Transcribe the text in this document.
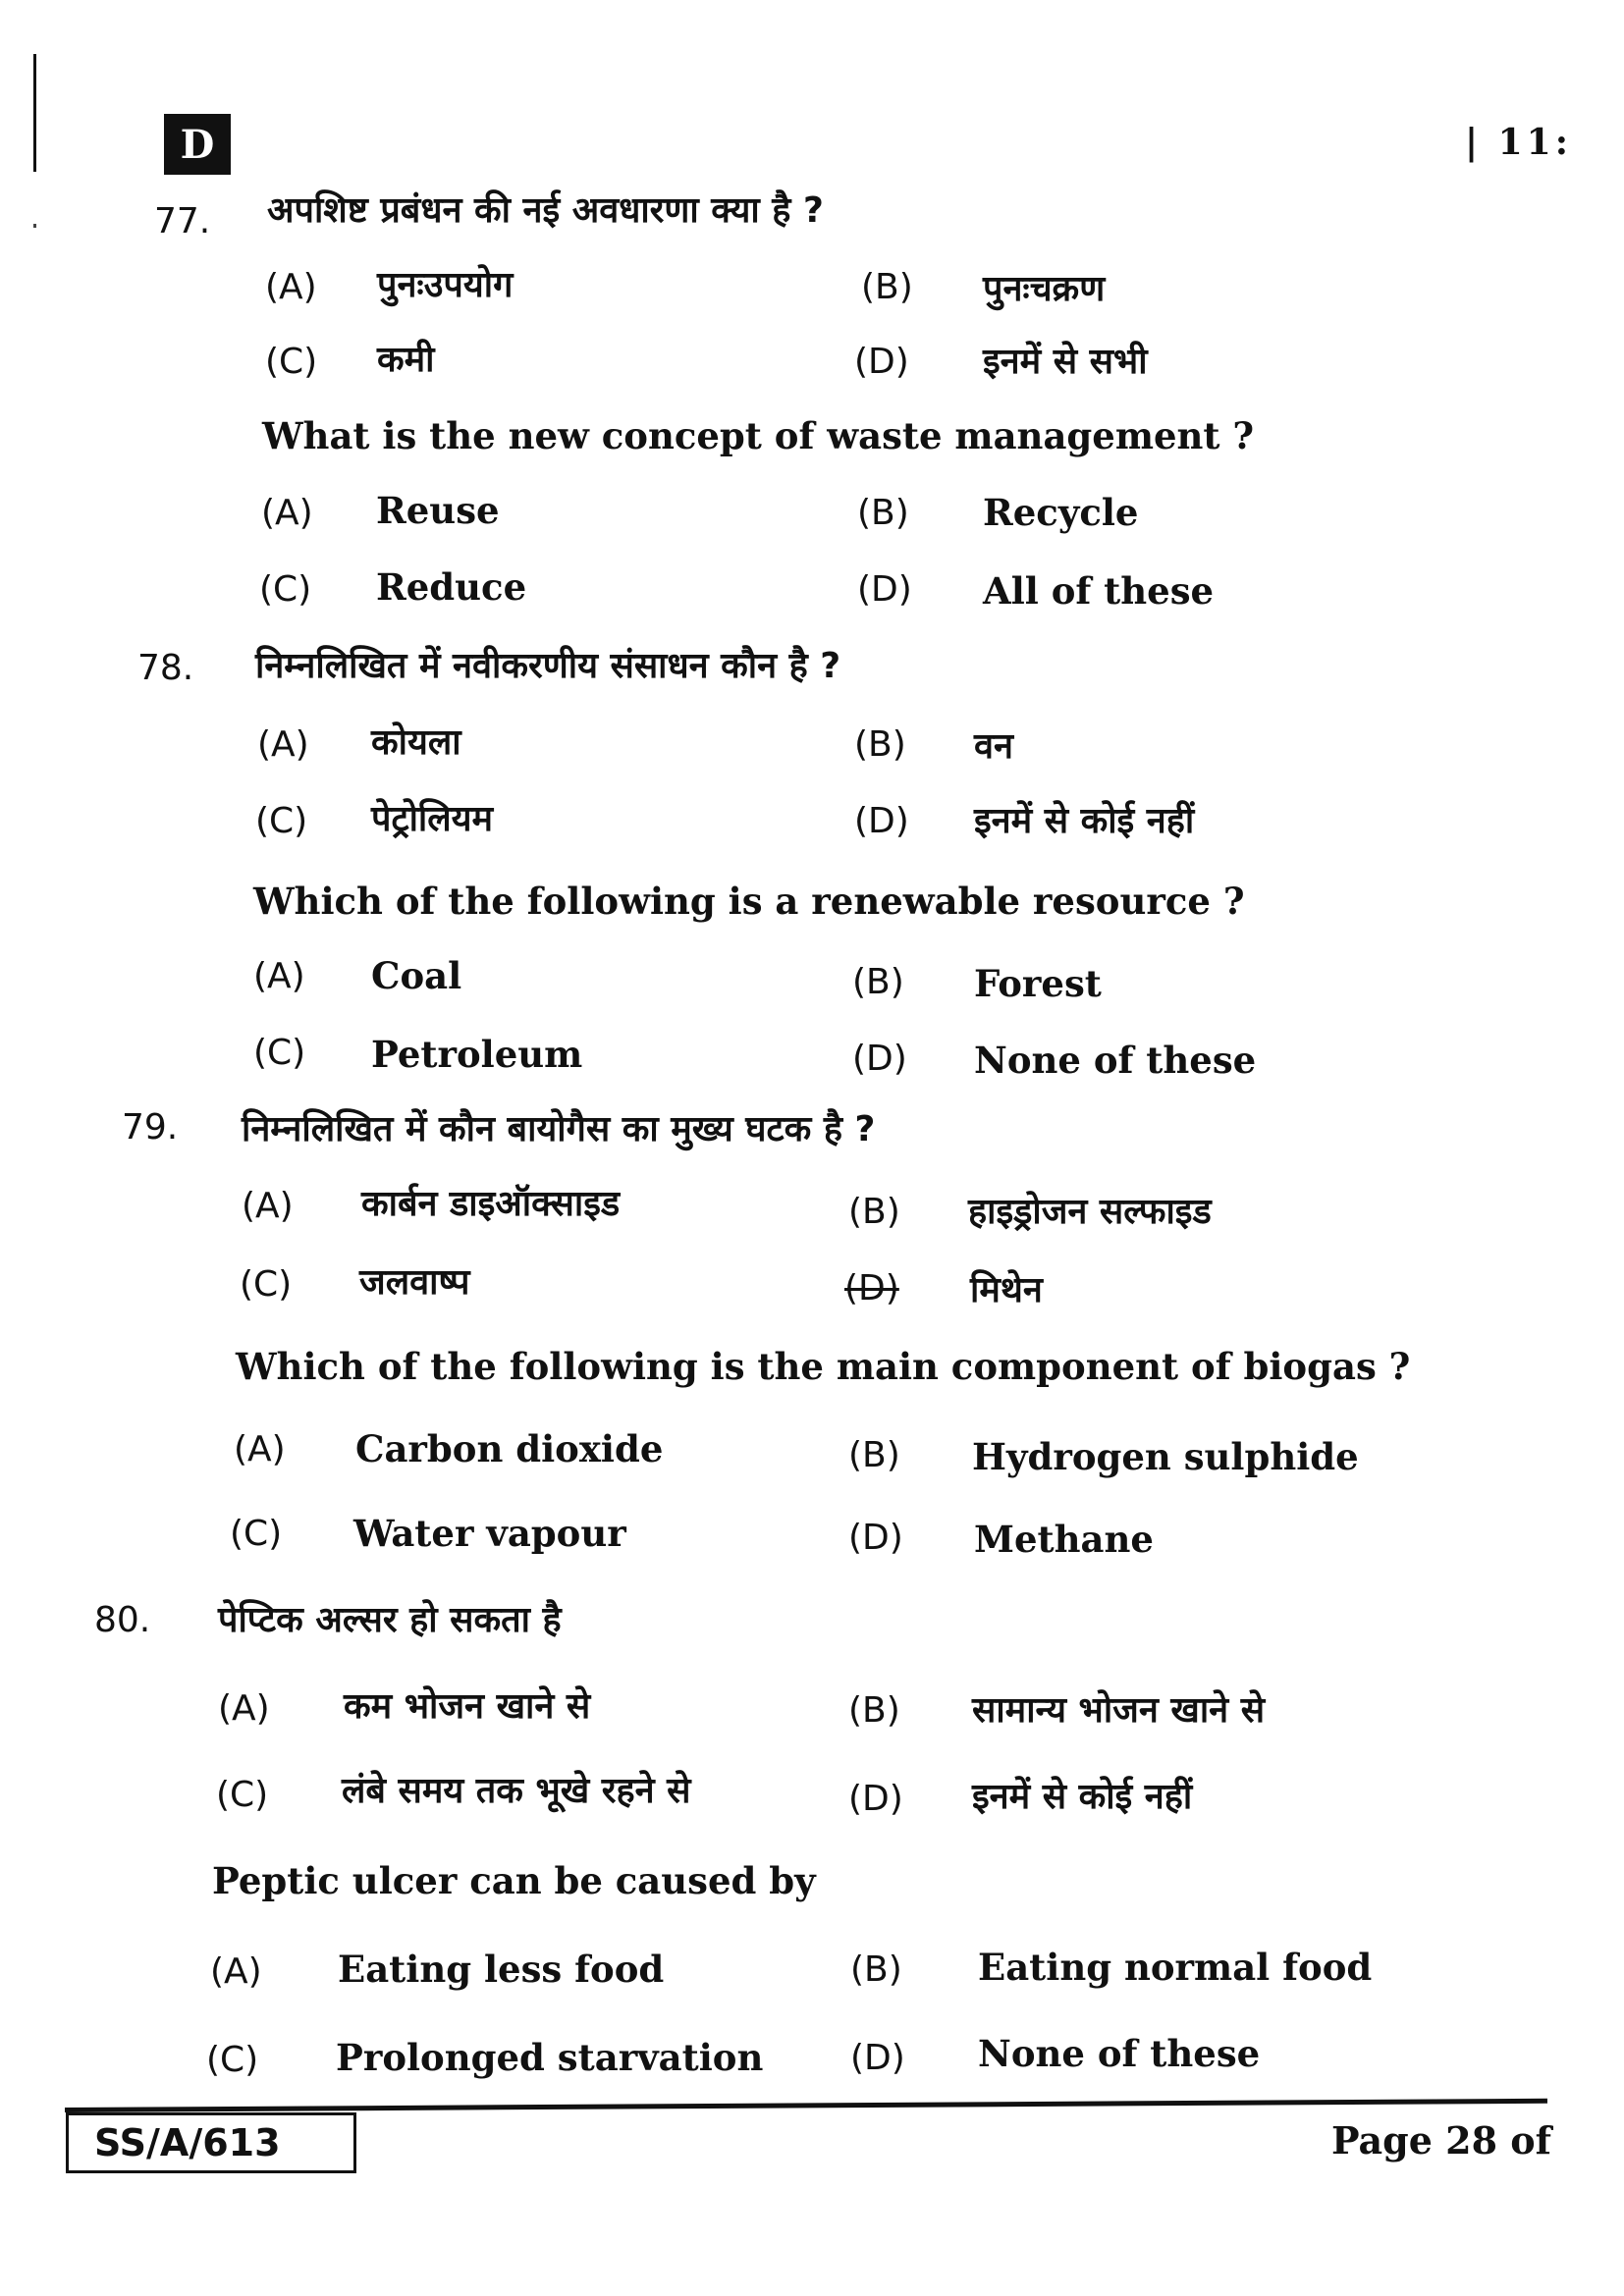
D	| 11:
77. अपशिष्ट प्रबंधन की नई अवधारणा क्या है ?
(A) पुनःउपयोग	(B) पुनःचक्रण
(C) कमी	(D) इनमें से सभी
What is the new concept of waste management ?
(A) Reuse	(B) Recycle
(C) Reduce	(D) All of these
78. निम्नलिखित में नवीकरणीय संसाधन कौन है ?
(A) कोयला	(B) वन
(C) पेट्रोलियम	(D) इनमें से कोई नहीं
Which of the following is a renewable resource ?
(A) Coal	(B) Forest
(C) Petroleum	(D) None of these
79. निम्नलिखित में कौन बायोगैस का मुख्य घटक है ?
(A) कार्बन डाइऑक्साइड	(B) हाइड्रोजन सल्फाइड
(C) जलवाष्प	(D) मिथेन
Which of the following is the main component of biogas ?
(A) Carbon dioxide	(B) Hydrogen sulphide
(C) Water vapour	(D) Methane
80. पेप्टिक अल्सर हो सकता है
(A) कम भोजन खाने से	(B) सामान्य भोजन खाने से
(C) लंबे समय तक भूखे रहने से	(D) इनमें से कोई नहीं
Peptic ulcer can be caused by
(A) Eating less food	(B) Eating normal food
(C) Prolonged starvation (D) None of these
SS/A/613	Page 28 of
